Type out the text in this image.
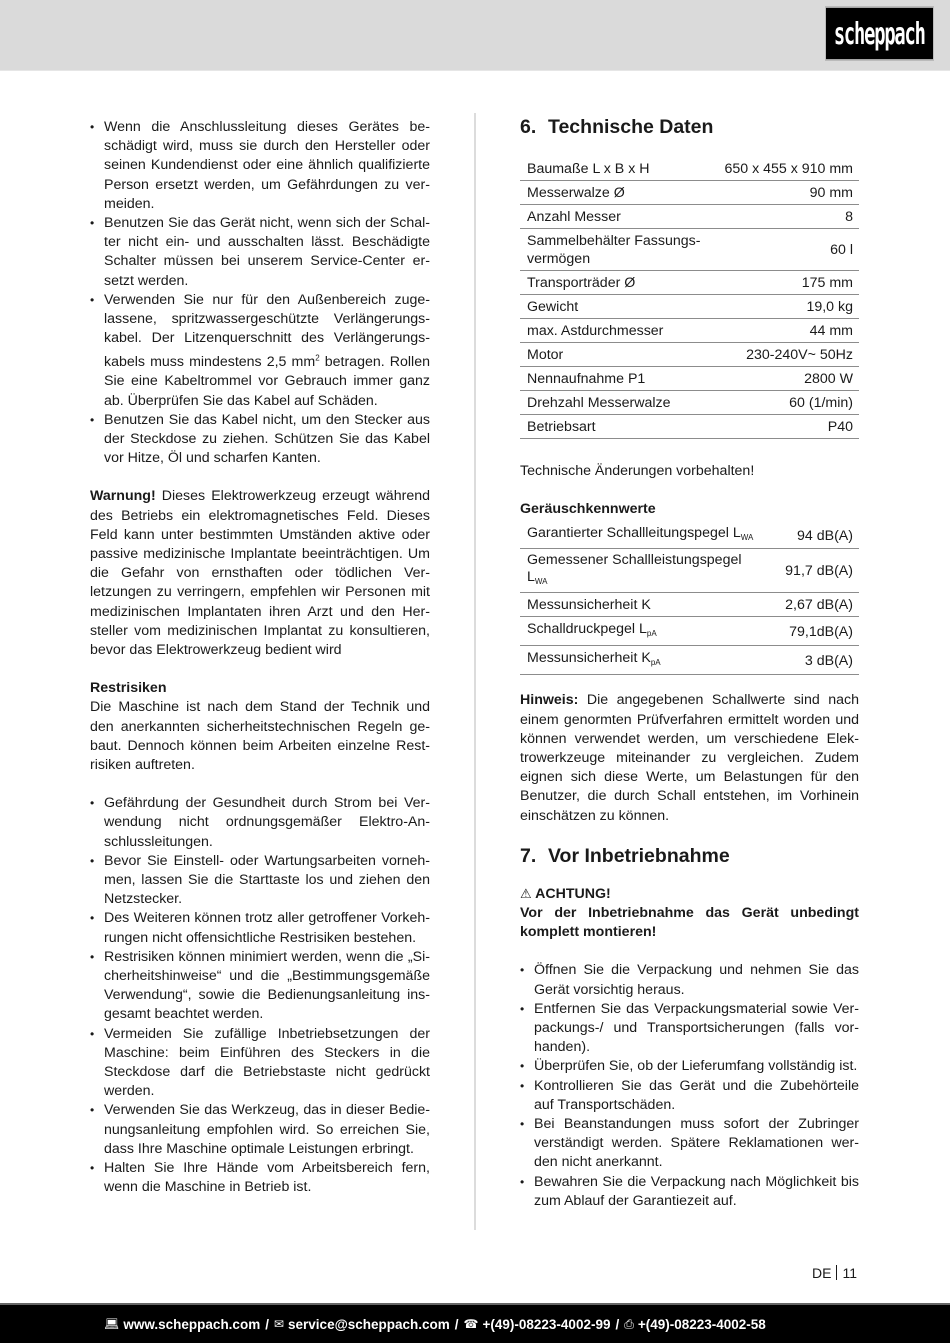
scheppach
• Wenn die Anschlussleitung dieses Gerätes be-schädigt wird, muss sie durch den Hersteller oder seinen Kundendienst oder eine ähnlich qualifizierte Person ersetzt werden, um Gefährdungen zu ver-meiden.
• Benutzen Sie das Gerät nicht, wenn sich der Schal-ter nicht ein- und ausschalten lässt. Beschädigte Schalter müssen bei unserem Service-Center er-setzt werden.
• Verwenden Sie nur für den Außenbereich zuge-lassene, spritzwassergeschützte Verlängerungs-kabel. Der Litzenquerschnitt des Verlängerungs-kabels muss mindestens 2,5 $mm^2$ betragen. Rollen Sie eine Kabeltrommel vor Gebrauch immer ganz ab. Überprüfen Sie das Kabel auf Schäden.
• Benutzen Sie das Kabel nicht, um den Stecker aus der Steckdose zu ziehen. Schützen Sie das Kabel vor Hitze, Öl und scharfen Kanten.

Warnung! Dieses Elektrowerkzeug erzeugt während des Betriebs ein elektromagnetisches Feld. Dieses Feld kann unter bestimmten Umständen aktive oder passive medizinische Implantate beeinträchtigen. Um die Gefahr von ernsthaften oder tödlichen Ver-letzungen zu verringern, empfehlen wir Personen mit medizinischen Implantaten ihren Arzt und den Her-steller vom medizinischen Implantat zu konsultieren, bevor das Elektrowerkzeug bedient wird

Restrisiken

Die Maschine ist nach dem Stand der Technik und den anerkannten sicherheitstechnischen Regeln ge-baut. Dennoch können beim Arbeiten einzelne Rest-risiken auftreten.

• Gefährdung der Gesundheit durch Strom bei Ver-wendung nicht ordnungsgemäßer Elektro-An-schlussleitungen.
• Bevor Sie Einstell- oder Wartungsarbeiten vorneh-men, lassen Sie die Starttaste los und ziehen den Netzstecker.
• Des Weiteren können trotz aller getroffener Vorkeh-rungen nicht offensichtliche Restrisiken bestehen.
• Restrisiken können minimiert werden, wenn die „Si-cherheitshinweise“ und die „Bestimmungsgemäße Verwendung“, sowie die Bedienungsanleitung ins-gesamt beachtet werden.
• Vermeiden Sie zufällige Inbetriebsetzungen der Maschine: beim Einführen des Steckers in die Steckdose darf die Betriebstaste nicht gedrückt werden.
• Verwenden Sie das Werkzeug, das in dieser Bedie-nungsanleitung empfohlen wird. So erreichen Sie, dass Ihre Maschine optimale Leistungen erbringt.
• Halten Sie Ihre Hände vom Arbeitsbereich fern, wenn die Maschine in Betrieb ist.
6. Technische Daten
Baumaße L x B x H	650 x 455 x 910 mm
Messerwalze Ø	90 mm
Anzahl Messer	8
Sammelbehälter Fassungs-vermögen	60 l
Transporträder Ø	175 mm
Gewicht	19,0 kg
max. Astdurchmesser	44 mm
Motor	230-240V~ 50Hz
Nennaufnahme P1	2800 W
Drehzahl Messerwalze	60 (1/min)
Betriebsart	P40

Technische Änderungen vorbehalten!

Geräuschkennwerte

Garantierter Schallleitungspegel $L_{WA}$	94 dB(A)
Gemessener Schallleistungspegel $L_{WA}$	91,7 dB(A)
Messunsicherheit K	2,67 dB(A)
Schalldruckpegel $L_{pA}$	79,1dB(A)
Messunsicherheit $K_{pA}$	3 dB(A)

Hinweis: Die angegebenen Schallwerte sind nach einem genormten Prüfverfahren ermittelt worden und können verwendet werden, um verschiedene Elek-trowerkzeuge miteinander zu vergleichen. Zudem eignen sich diese Werte, um Belastungen für den Benutzer, die durch Schall entstehen, im Vorhinein einschätzen zu können.

7. Vor Inbetriebnahme

⚠ ACHTUNG!

Vor der Inbetriebnahme das Gerät unbedingt komplett montieren!

• Öffnen Sie die Verpackung und nehmen Sie das Gerät vorsichtig heraus.
• Entfernen Sie das Verpackungsmaterial sowie Ver-packungs-/ und Transportsicherungen (falls vor-handen).
• Überprüfen Sie, ob der Lieferumfang vollständig ist.
• Kontrollieren Sie das Gerät und die Zubehörteile auf Transportschäden.
• Bei Beanstandungen muss sofort der Zubringer verständigt werden. Spätere Reklamationen wer-den nicht anerkannt.
• Bewahren Sie die Verpackung nach Möglichkeit bis zum Ablauf der Garantiezeit auf.
DE 11
💻︎ www.scheppach.com / ✉︎ service@scheppach.com / ☎︎ +(49)-08223-4002-99 / ⎙ +(49)-08223-4002-58
